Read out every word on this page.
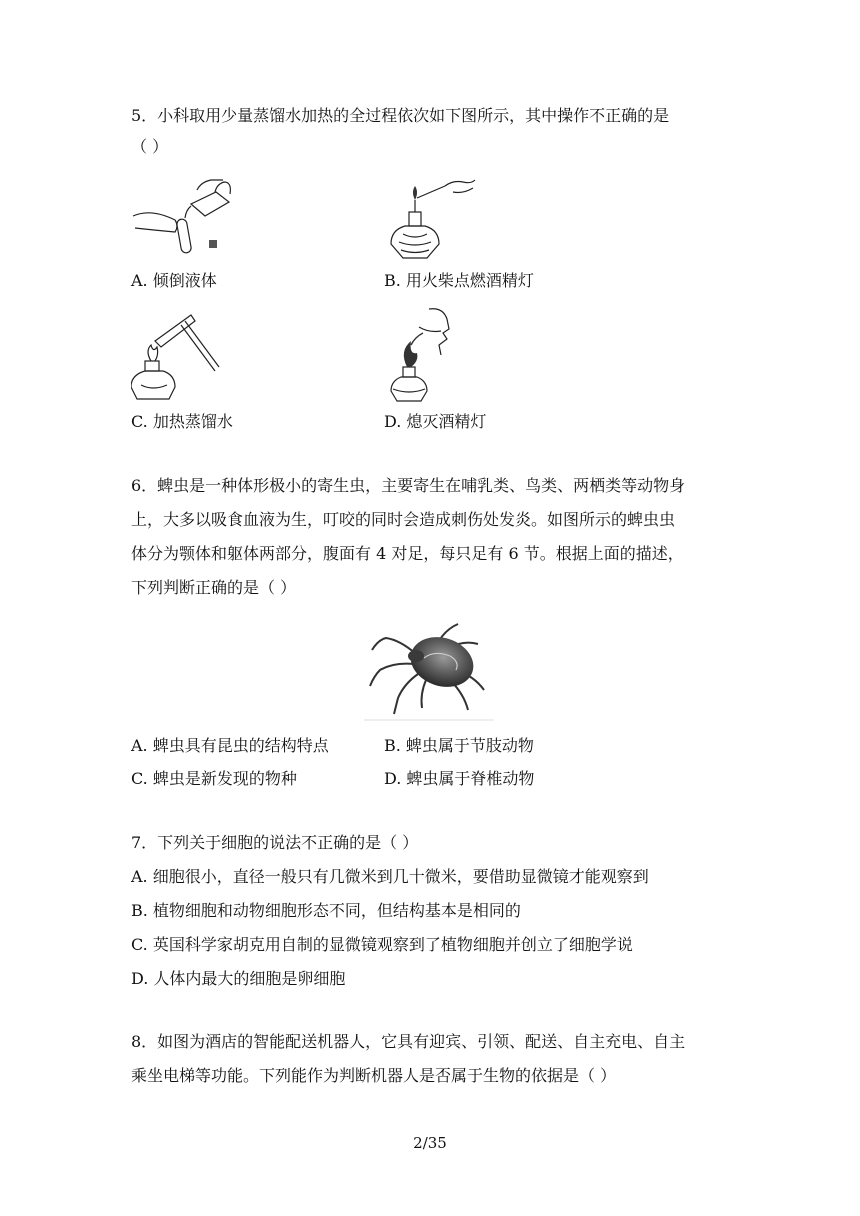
5．小科取用少量蒸馏水加热的全过程依次如下图所示，其中操作不正确的是
（ ）
A. 倾倒液体	B. 用火柴点燃酒精灯
C. 加热蒸馏水	D. 熄灭酒精灯
6．蜱虫是一种体形极小的寄生虫，主要寄生在哺乳类、鸟类、两栖类等动物身
上，大多以吸食血液为生，叮咬的同时会造成刺伤处发炎。如图所示的蜱虫虫
体分为颚体和躯体两部分，腹面有 4 对足，每只足有 6 节。根据上面的描述，
下列判断正确的是（ ）
A. 蜱虫具有昆虫的结构特点	B. 蜱虫属于节肢动物
C. 蜱虫是新发现的物种	D. 蜱虫属于脊椎动物
7．下列关于细胞的说法不正确的是（ ）
A. 细胞很小，直径一般只有几微米到几十微米，要借助显微镜才能观察到
B. 植物细胞和动物细胞形态不同，但结构基本是相同的
C. 英国科学家胡克用自制的显微镜观察到了植物细胞并创立了细胞学说
D. 人体内最大的细胞是卵细胞
8．如图为酒店的智能配送机器人，它具有迎宾、引领、配送、自主充电、自主
乘坐电梯等功能。下列能作为判断机器人是否属于生物的依据是（ ）
2/35
